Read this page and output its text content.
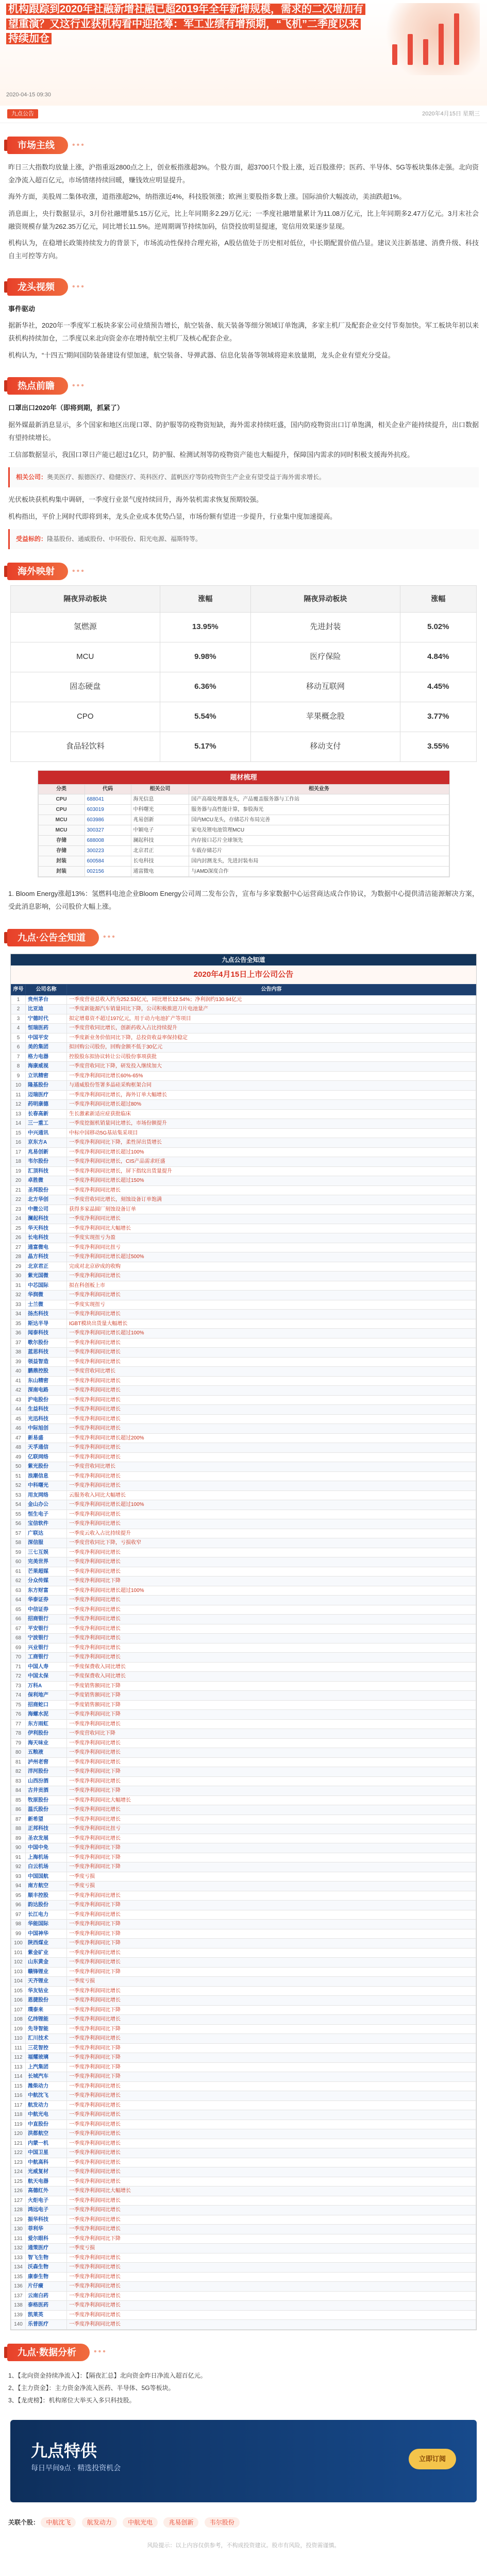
机构跟踪到2020年社融新增社融已超2019年全年新增规模，需求的二次增加有望重演？又这行业获机构看中迎抢筹：军工业绩有增预期，“飞机”二季度以来持续加仓
2020-04-15 09:30
九点公告	2020年4月15日 星期三
市场主线	•••

昨日三大指数均放量上涨，沪指重返2800点之上，创业板指涨超3%。个股方面，超3700只个股上涨，近百股涨停；医药、半导体、5G等板块集体走强。北向资金净流入超百亿元，市场情绪持续回暖，赚钱效应明显提升。

海外方面，美股周二集体收涨，道指涨超2%，纳指涨近4%，科技股领涨；欧洲主要股指多数上涨。国际油价大幅波动，美油跌超1%。

消息面上，央行数据显示，3月份社融增量5.15万亿元，比上年同期多2.29万亿元；一季度社融增量累计为11.08万亿元，比上年同期多2.47万亿元。3月末社会融资规模存量为262.35万亿元，同比增长11.5%。逆周期调节持续加码，信贷投放明显提速，宽信用效果逐步显现。

机构认为，在稳增长政策持续发力的背景下，市场流动性保持合理充裕，A股估值处于历史相对低位，中长期配置价值凸显。建议关注新基建、消费升级、科技自主可控等方向。

龙头视频	•••

事件驱动

据新华社，2020年一季度军工板块多家公司业绩预告增长，航空装备、航天装备等细分领域订单饱满，多家主机厂及配套企业交付节奏加快。军工板块年初以来获机构持续加仓，二季度以来北向资金亦在增持航空主机厂及核心配套企业。

机构认为，“十四五”期间国防装备建设有望加速，航空装备、导弹武器、信息化装备等领域将迎来放量期，龙头企业有望充分受益。

热点前瞻	•••

口罩出口2020年（即将到期，抓紧了）

据外媒最新消息显示，多个国家和地区出现口罩、防护服等防疫物资短缺，海外需求持续旺盛，国内防疫物资出口订单饱满，相关企业产能持续提升，出口数据有望持续增长。

工信部数据显示，我国口罩日产能已超过1亿只，防护服、检测试剂等防疫物资产能也大幅提升，保障国内需求的同时积极支援海外抗疫。

相关公司：奥美医疗、振德医疗、稳健医疗、英科医疗、蓝帆医疗等防疫物资生产企业有望受益于海外需求增长。

光伏板块获机构集中调研，一季度行业景气度持续回升，海外装机需求恢复预期较强。

机构指出，平价上网时代即将到来，龙头企业成本优势凸显，市场份额有望进一步提升，行业集中度加速提高。

受益标的：隆基股份、通威股份、中环股份、阳光电源、福斯特等。
海外映射	•••
隔夜异动板块	涨幅	隔夜异动板块	涨幅
氢燃源	13.95%	先进封装	5.02%
MCU	9.98%	医疗保险	4.84%
固态硬盘	6.36%	移动互联网	4.45%
CPO	5.54%	苹果概念股	3.77%
食品轻饮料	5.17%	移动支付	3.55%
题材梳理
分类	代码	相关公司	相关业务
CPU	688041	海光信息	国产高端处理器龙头，产品覆盖服务器与工作站
CPU	603019	中科曙光	服务器与高性能计算，参股海光
MCU	603986	兆易创新	国内MCU龙头，存储芯片布局完善
MCU	300327	中颖电子	家电及锂电池管理MCU
存储	688008	澜起科技	内存接口芯片全球领先
存储	300223	北京君正	车载存储芯片
封装	600584	长电科技	国内封测龙头，先进封装布局
封装	002156	通富微电	与AMD深度合作

1. Bloom Energy涨超13%：氢燃料电池企业Bloom Energy公司周二发布公告，宣布与多家数据中心运营商达成合作协议，为数据中心提供清洁能源解决方案，受此消息影响，公司股价大幅上涨。

九点·公告全知道	•••
九点公告全知道
2020年4月15日上市公司公告
序号	公司名称	公告内容
1	贵州茅台	一季度营业总收入约为252.53亿元，同比增长12.54%；净利润约130.94亿元
2	比亚迪	一季度新能源汽车销量同比下降，公司积极推进刀片电池量产
3	宁德时代	拟定增募资不超过197亿元，用于动力电池扩产等项目
4	恒瑞医药	一季度营收同比增长，创新药收入占比持续提升
5	中国平安	一季度新业务价值同比下降，总投资收益率保持稳定
6	美的集团	拟回购公司股份，回购金额不低于30亿元
7	格力电器	控股股东拟协议转让公司股份事项获批
8	海康威视	一季度营收同比下降，研发投入继续加大
9	立讯精密	一季度净利润同比增长60%-65%
10	隆基股份	与通威股份签署多晶硅采购框架合同
11	迈瑞医疗	一季度净利润同比增长，海外订单大幅增长
12	药明康德	一季度净利润同比增长超过80%
13	长春高新	生长激素新适应症获批临床
14	三一重工	一季度挖掘机销量同比增长，市场份额提升
15	中兴通讯	中标中国移动5G基站集采项目
16	京东方A	一季度净利润同比下降，柔性屏出货增长
17	兆易创新	一季度净利润同比增长超过100%
18	韦尔股份	一季度净利润同比增长，CIS产品需求旺盛
19	汇顶科技	一季度净利润同比增长，屏下指纹出货量提升
20	卓胜微	一季度净利润同比增长超过150%
21	圣邦股份	一季度净利润同比增长
22	北方华创	一季度营收同比增长，刻蚀设备订单饱满
23	中微公司	获得多家晶圆厂刻蚀设备订单
24	澜起科技	一季度净利润同比增长
25	华天科技	一季度净利润同比大幅增长
26	长电科技	一季度实现扭亏为盈
27	通富微电	一季度净利润同比扭亏
28	晶方科技	一季度净利润同比增长超过500%
29	北京君正	完成对北京矽成的收购
30	紫光国微	一季度净利润同比增长
31	中芯国际	拟在科创板上市
32	华润微	一季度净利润同比增长
33	士兰微	一季度实现扭亏
34	扬杰科技	一季度净利润同比增长
35	斯达半导	IGBT模块出货量大幅增长
36	闻泰科技	一季度净利润同比增长超过100%
37	歌尔股份	一季度净利润同比增长
38	蓝思科技	一季度净利润同比增长
39	领益智造	一季度净利润同比增长
40	鹏鼎控股	一季度营收同比增长
41	东山精密	一季度净利润同比增长
42	深南电路	一季度净利润同比增长
43	沪电股份	一季度净利润同比增长
44	生益科技	一季度净利润同比增长
45	光迅科技	一季度净利润同比增长
46	中际旭创	一季度净利润同比增长
47	新易盛	一季度净利润同比增长超过200%
48	天孚通信	一季度净利润同比增长
49	亿联网络	一季度净利润同比增长
50	紫光股份	一季度营收同比增长
51	浪潮信息	一季度净利润同比增长
52	中科曙光	一季度净利润同比增长
53	用友网络	云服务收入同比大幅增长
54	金山办公	一季度净利润同比增长超过100%
55	恒生电子	一季度净利润同比增长
56	宝信软件	一季度净利润同比增长
57	广联达	一季度云收入占比持续提升
58	深信服	一季度营收同比下降，亏损收窄
59	三七互娱	一季度净利润同比增长
60	完美世界	一季度净利润同比增长
61	芒果超媒	一季度净利润同比增长
62	分众传媒	一季度净利润同比下降
63	东方财富	一季度净利润同比增长超过100%
64	华泰证券	一季度净利润同比增长
65	中信证券	一季度净利润同比增长
66	招商银行	一季度净利润同比增长
67	平安银行	一季度净利润同比增长
68	宁波银行	一季度净利润同比增长
69	兴业银行	一季度净利润同比增长
70	工商银行	一季度净利润同比增长
71	中国人寿	一季度保费收入同比增长
72	中国太保	一季度保费收入同比增长
73	万科A	一季度销售额同比下降
74	保利地产	一季度销售额同比下降
75	招商蛇口	一季度销售额同比下降
76	海螺水泥	一季度净利润同比下降
77	东方雨虹	一季度净利润同比增长
78	伊利股份	一季度营收同比下降
79	海天味业	一季度净利润同比增长
80	五粮液	一季度净利润同比增长
81	泸州老窖	一季度净利润同比增长
82	洋河股份	一季度净利润同比下降
83	山西汾酒	一季度净利润同比增长
84	古井贡酒	一季度净利润同比下降
85	牧原股份	一季度净利润同比大幅增长
86	温氏股份	一季度净利润同比增长
87	新希望	一季度净利润同比增长
88	正邦科技	一季度净利润同比扭亏
89	圣农发展	一季度净利润同比增长
90	中国中免	一季度净利润同比下降
91	上海机场	一季度净利润同比下降
92	白云机场	一季度净利润同比下降
93	中国国航	一季度亏损
94	南方航空	一季度亏损
95	顺丰控股	一季度净利润同比增长
96	韵达股份	一季度净利润同比下降
97	长江电力	一季度净利润同比增长
98	华能国际	一季度净利润同比下降
99	中国神华	一季度净利润同比下降
100	陕西煤业	一季度净利润同比下降
101	紫金矿业	一季度净利润同比增长
102	山东黄金	一季度净利润同比增长
103	赣锋锂业	一季度净利润同比下降
104	天齐锂业	一季度亏损
105	华友钴业	一季度净利润同比增长
106	恩捷股份	一季度净利润同比增长
107	璞泰来	一季度净利润同比下降
108	亿纬锂能	一季度净利润同比增长
109	先导智能	一季度净利润同比下降
110	汇川技术	一季度净利润同比增长
111	三花智控	一季度净利润同比下降
112	福耀玻璃	一季度净利润同比下降
113	上汽集团	一季度净利润同比下降
114	长城汽车	一季度净利润同比下降
115	潍柴动力	一季度净利润同比增长
116	中航沈飞	一季度净利润同比增长
117	航发动力	一季度净利润同比增长
118	中航光电	一季度净利润同比增长
119	中直股份	一季度净利润同比增长
120	洪都航空	一季度净利润同比增长
121	内蒙一机	一季度净利润同比增长
122	中国卫星	一季度净利润同比增长
123	中航高科	一季度净利润同比增长
124	光威复材	一季度净利润同比增长
125	航天电器	一季度净利润同比增长
126	高德红外	一季度净利润同比大幅增长
127	火炬电子	一季度净利润同比增长
128	鸿远电子	一季度净利润同比增长
129	振华科技	一季度净利润同比增长
130	菲利华	一季度净利润同比增长
131	爱尔眼科	一季度净利润同比下降
132	通策医疗	一季度亏损
133	智飞生物	一季度净利润同比增长
134	沃森生物	一季度净利润同比增长
135	康泰生物	一季度净利润同比增长
136	片仔癀	一季度净利润同比增长
137	云南白药	一季度净利润同比增长
138	泰格医药	一季度净利润同比增长
139	凯莱英	一季度净利润同比增长
140	乐普医疗	一季度净利润同比增长
九点·数据分析	•••
1、【北向资金持续净流入】：【隔夜汇总】北向资金昨日净流入超百亿元。
2、【主力资金】：主力资金净流入医药、半导体、5G等板块。
3、【龙虎榜】：机构席位大举买入多只科技股。
九点特供
每日早间9点 · 精选投资机会
立即订阅
关联个股： 中航沈飞	航发动力	中航光电	兆易创新	韦尔股份
风险提示：以上内容仅供参考，不构成投资建议。股市有风险，投资需谨慎。
